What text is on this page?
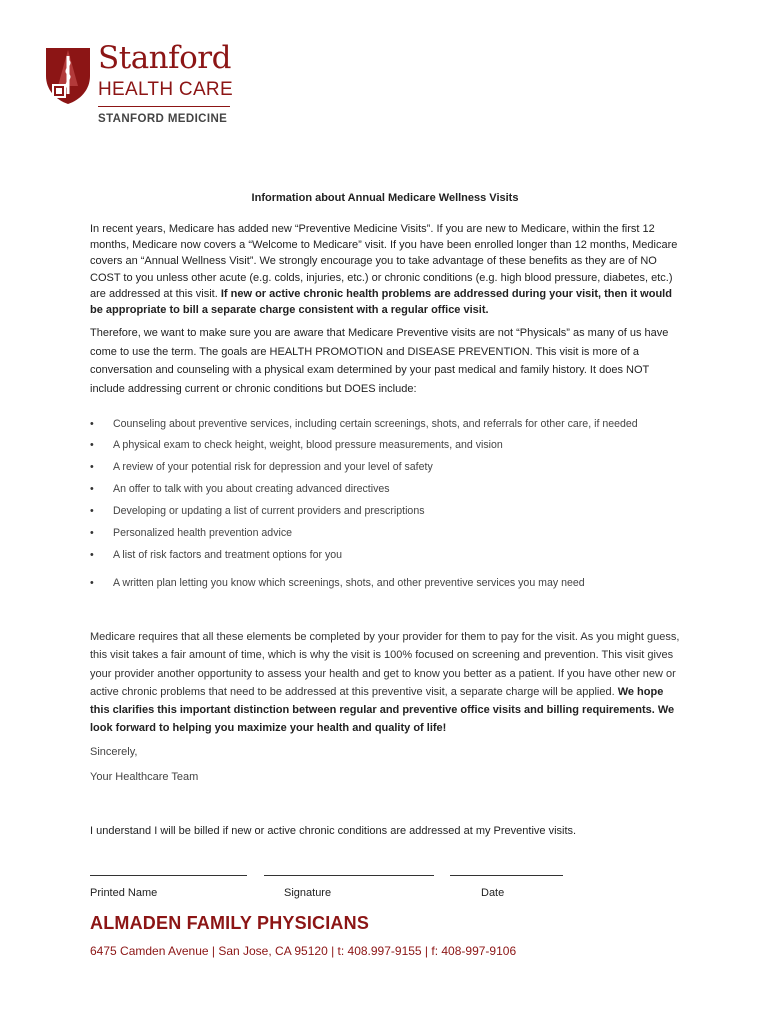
Stanford
HEALTH CARE
STANFORD MEDICINE
Information about Annual Medicare Wellness Visits
In recent years, Medicare has added new “Preventive Medicine Visits”. If you are new to Medicare, within the first 12 months, Medicare now covers a “Welcome to Medicare” visit. If you have been enrolled longer than 12 months, Medicare covers an “Annual Wellness Visit”. We strongly encourage you to take advantage of these benefits as they are of NO COST to you unless other acute (e.g. colds, injuries, etc.) or chronic conditions (e.g. high blood pressure, diabetes, etc.) are addressed at this visit. If new or active chronic health problems are addressed during your visit, then it would be appropriate to bill a separate charge consistent with a regular office visit.
Therefore, we want to make sure you are aware that Medicare Preventive visits are not “Physicals” as many of us have come to use the term. The goals are HEALTH PROMOTION and DISEASE PREVENTION. This visit is more of a conversation and counseling with a physical exam determined by your past medical and family history. It does NOT include addressing current or chronic conditions but DOES include:
• Counseling about preventive services, including certain screenings, shots, and referrals for other care, if needed
• A physical exam to check height, weight, blood pressure measurements, and vision
• A review of your potential risk for depression and your level of safety
• An offer to talk with you about creating advanced directives
• Developing or updating a list of current providers and prescriptions
• Personalized health prevention advice
• A list of risk factors and treatment options for you
• A written plan letting you know which screenings, shots, and other preventive services you may need
Medicare requires that all these elements be completed by your provider for them to pay for the visit. As you might guess, this visit takes a fair amount of time, which is why the visit is 100% focused on screening and prevention. This visit gives your provider another opportunity to assess your health and get to know you better as a patient. If you have other new or active chronic problems that need to be addressed at this preventive visit, a separate charge will be applied. We hope this clarifies this important distinction between regular and preventive office visits and billing requirements. We look forward to helping you maximize your health and quality of life!
Sincerely,
Your Healthcare Team
I understand I will be billed if new or active chronic conditions are addressed at my Preventive visits.
Printed Name	Signature	Date
ALMADEN FAMILY PHYSICIANS
6475 Camden Avenue | San Jose, CA 95120 | t: 408.997-9155 | f: 408-997-9106
